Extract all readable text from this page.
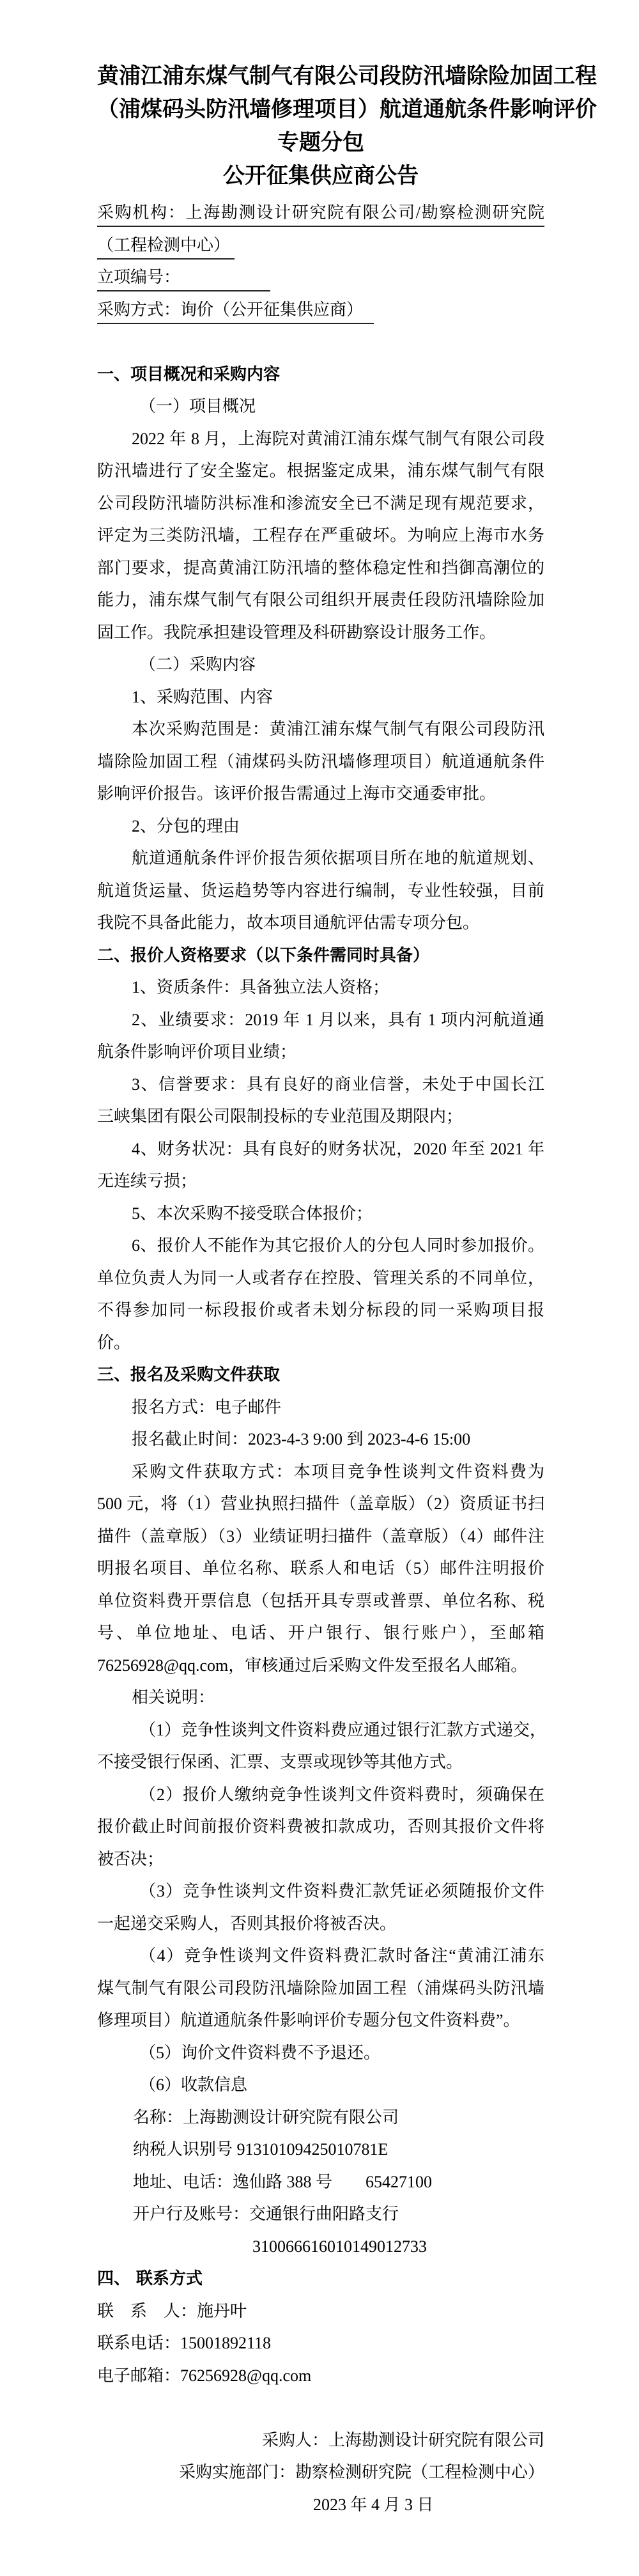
黄浦江浦东煤气制气有限公司段防汛墙除险加固工程
（浦煤码头防汛墙修理项目）航道通航条件影响评价
专题分包
公开征集供应商公告
采购机构：上海勘测设计研究院有限公司/勘察检测研究院
（工程检测中心）
立项编号：
采购方式：询价（公开征集供应商）
一、项目概况和采购内容
（一）项目概况
2022 年 8 月，上海院对黄浦江浦东煤气制气有限公司段
防汛墙进行了安全鉴定。根据鉴定成果，浦东煤气制气有限
公司段防汛墙防洪标准和渗流安全已不满足现有规范要求，
评定为三类防汛墙，工程存在严重破坏。为响应上海市水务
部门要求，提高黄浦江防汛墙的整体稳定性和挡御高潮位的
能力，浦东煤气制气有限公司组织开展责任段防汛墙除险加
固工作。我院承担建设管理及科研勘察设计服务工作。
（二）采购内容
1、采购范围、内容
本次采购范围是：黄浦江浦东煤气制气有限公司段防汛
墙除险加固工程（浦煤码头防汛墙修理项目）航道通航条件
影响评价报告。该评价报告需通过上海市交通委审批。
2、分包的理由
航道通航条件评价报告须依据项目所在地的航道规划、
航道货运量、货运趋势等内容进行编制，专业性较强，目前
我院不具备此能力，故本项目通航评估需专项分包。
二、报价人资格要求（以下条件需同时具备）
1、资质条件：具备独立法人资格；
2、业绩要求：2019 年 1 月以来，具有 1 项内河航道通
航条件影响评价项目业绩；
3、信誉要求：具有良好的商业信誉，未处于中国长江
三峡集团有限公司限制投标的专业范围及期限内；
4、财务状况：具有良好的财务状况，2020 年至 2021 年
无连续亏损；
5、本次采购不接受联合体报价；
6、报价人不能作为其它报价人的分包人同时参加报价。
单位负责人为同一人或者存在控股、管理关系的不同单位，
不得参加同一标段报价或者未划分标段的同一采购项目报
价。
三、报名及采购文件获取
报名方式：电子邮件
报名截止时间：2023-4-3 9:00 到 2023-4-6 15:00
采购文件获取方式：本项目竞争性谈判文件资料费为
500 元，将（1）营业执照扫描件（盖章版）（2）资质证书扫
描件（盖章版）（3）业绩证明扫描件（盖章版）（4）邮件注
明报名项目、单位名称、联系人和电话（5）邮件注明报价
单位资料费开票信息（包括开具专票或普票、单位名称、税
号、单位地址、电话、开户银行、银行账户），至邮箱
76256928@qq.com，审核通过后采购文件发至报名人邮箱。
相关说明：
（1）竞争性谈判文件资料费应通过银行汇款方式递交，
不接受银行保函、汇票、支票或现钞等其他方式。
（2）报价人缴纳竞争性谈判文件资料费时，须确保在
报价截止时间前报价资料费被扣款成功，否则其报价文件将
被否决；
（3）竞争性谈判文件资料费汇款凭证必须随报价文件
一起递交采购人，否则其报价将被否决。
（4）竞争性谈判文件资料费汇款时备注“黄浦江浦东
煤气制气有限公司段防汛墙除险加固工程（浦煤码头防汛墙
修理项目）航道通航条件影响评价专题分包文件资料费”。
（5）询价文件资料费不予退还。
（6）收款信息
名称：上海勘测设计研究院有限公司
纳税人识别号 91310109425010781E
地址、电话：逸仙路 388 号　　65427100
开户行及账号：交通银行曲阳路支行
310066616010149012733
四、 联系方式
联　系　人：施丹叶
联系电话：15001892118
电子邮箱：76256928@qq.com
采购人：上海勘测设计研究院有限公司
采购实施部门：勘察检测研究院（工程检测中心）
2023 年 4 月 3 日
